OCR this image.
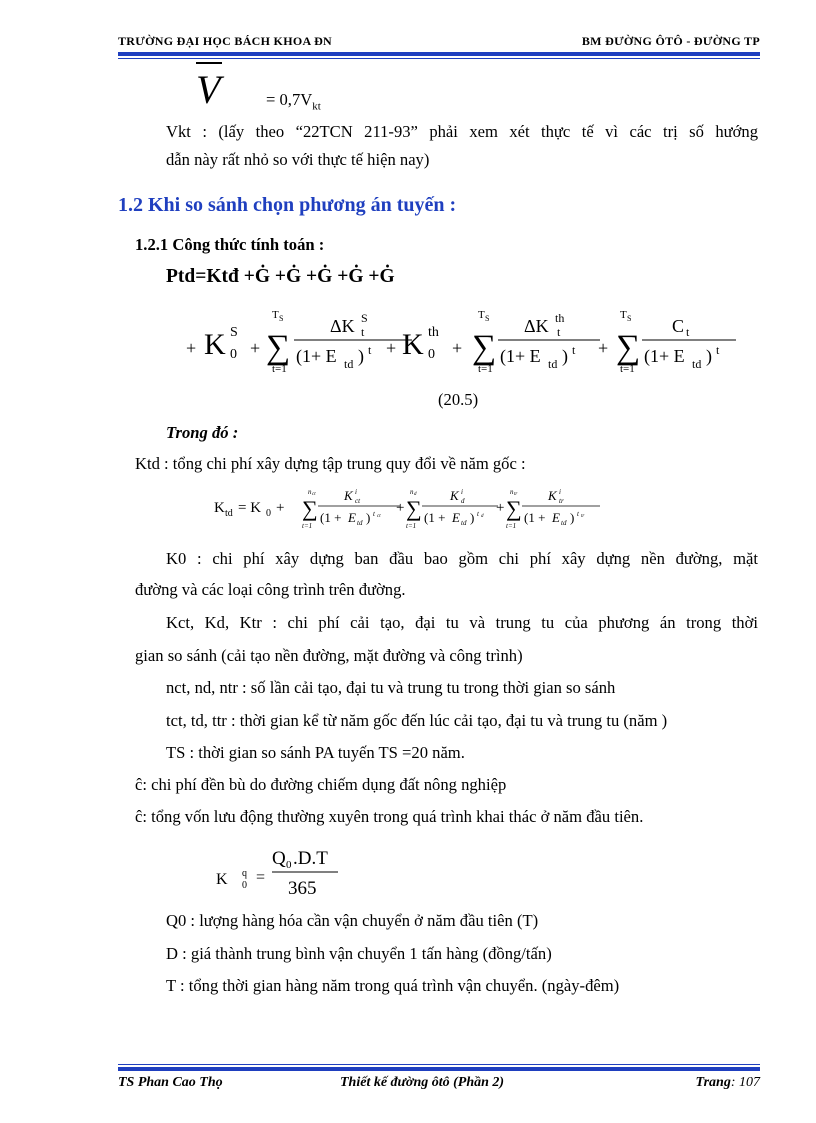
TRƯỜNG ĐẠI HỌC BÁCH KHOA ĐN	BM ĐƯỜNG ÔTÔ - ĐƯỜNG TP
V	= $0,7V_{kt}$
Vkt : (lấy theo “22TCN 211-93” phải xem xét thực tế vì các trị số hướng
dẫn này rất nhỏ so với thực tế hiện nay)
1.2 Khi so sánh chọn phương án tuyến :
1.2.1 Công thức tính toán :
Ptd=Ktđ +Ġ +Ġ +Ġ +Ġ +Ġ
+ K S
0 +
T S
∑
t=1
ΔK S
t
(1+ E td ) t + K th
0 +
T S
∑
t=1
ΔK th
t
(1+ E td ) t +
T S
∑
t=1
C t
(1+ E td ) t
(20.5)
Trong đó :
Ktd : tổng chi phí xây dựng tập trung quy đổi về năm gốc :
K td = K 0 +
n ct
∑
t=1
K i
ct
(1 + E td ) t ct
+
n d
∑
t=1
K i
d
(1 + E td ) t d
+
n tr
∑
t=1
K i
tr
(1 + E td ) t tr
K0 : chi phí xây dựng ban đầu bao gồm chi phí xây dựng nền đường, mặt
đường và các loại công trình trên đường.
Kct, Kd, Ktr : chi phí cải tạo, đại tu và trung tu của phương án trong thời
gian so sánh (cải tạo nền đường, mặt đường và công trình)
nct, nd, ntr : số lần cải tạo, đại tu và trung tu trong thời gian so sánh
tct, td, ttr : thời gian kể từ năm gốc đến lúc cải tạo, đại tu và trung tu (năm )
TS : thời gian so sánh PA tuyến TS =20 năm.
ĉ: chi phí đền bù do đường chiếm dụng đất nông nghiệp
ĉ: tổng vốn lưu động thường xuyên trong quá trình khai thác ở năm đầu tiên.
K q
0 =
Q 0 .D.T
365
Q0 : lượng hàng hóa cần vận chuyển ở năm đầu tiên (T)
D : giá thành trung bình vận chuyển 1 tấn hàng (đồng/tấn)
T : tổng thời gian hàng năm trong quá trình vận chuyển. (ngày-đêm)
TS Phan Cao Thọ	Thiết kế đường ôtô (Phần 2)	Trang: 107
